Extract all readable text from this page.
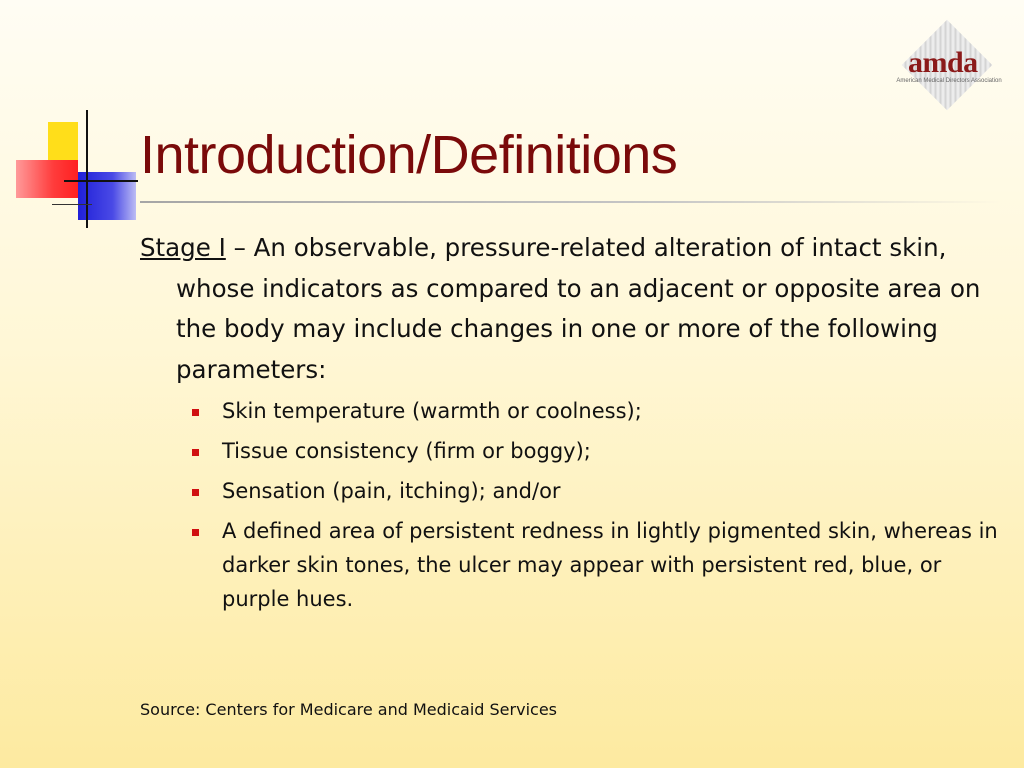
amda
American Medical Directors Association
Introduction/Definitions

Stage I – An observable, pressure-related alteration of intact skin, whose indicators as compared to an adjacent or opposite area on the body may include changes in one or more of the following parameters:

Skin temperature (warmth or coolness);
Tissue consistency (firm or boggy);
Sensation (pain, itching); and/or
A defined area of persistent redness in lightly pigmented skin, whereas in darker skin tones, the ulcer may appear with persistent red, blue, or purple hues.
Source: Centers for Medicare and Medicaid Services
